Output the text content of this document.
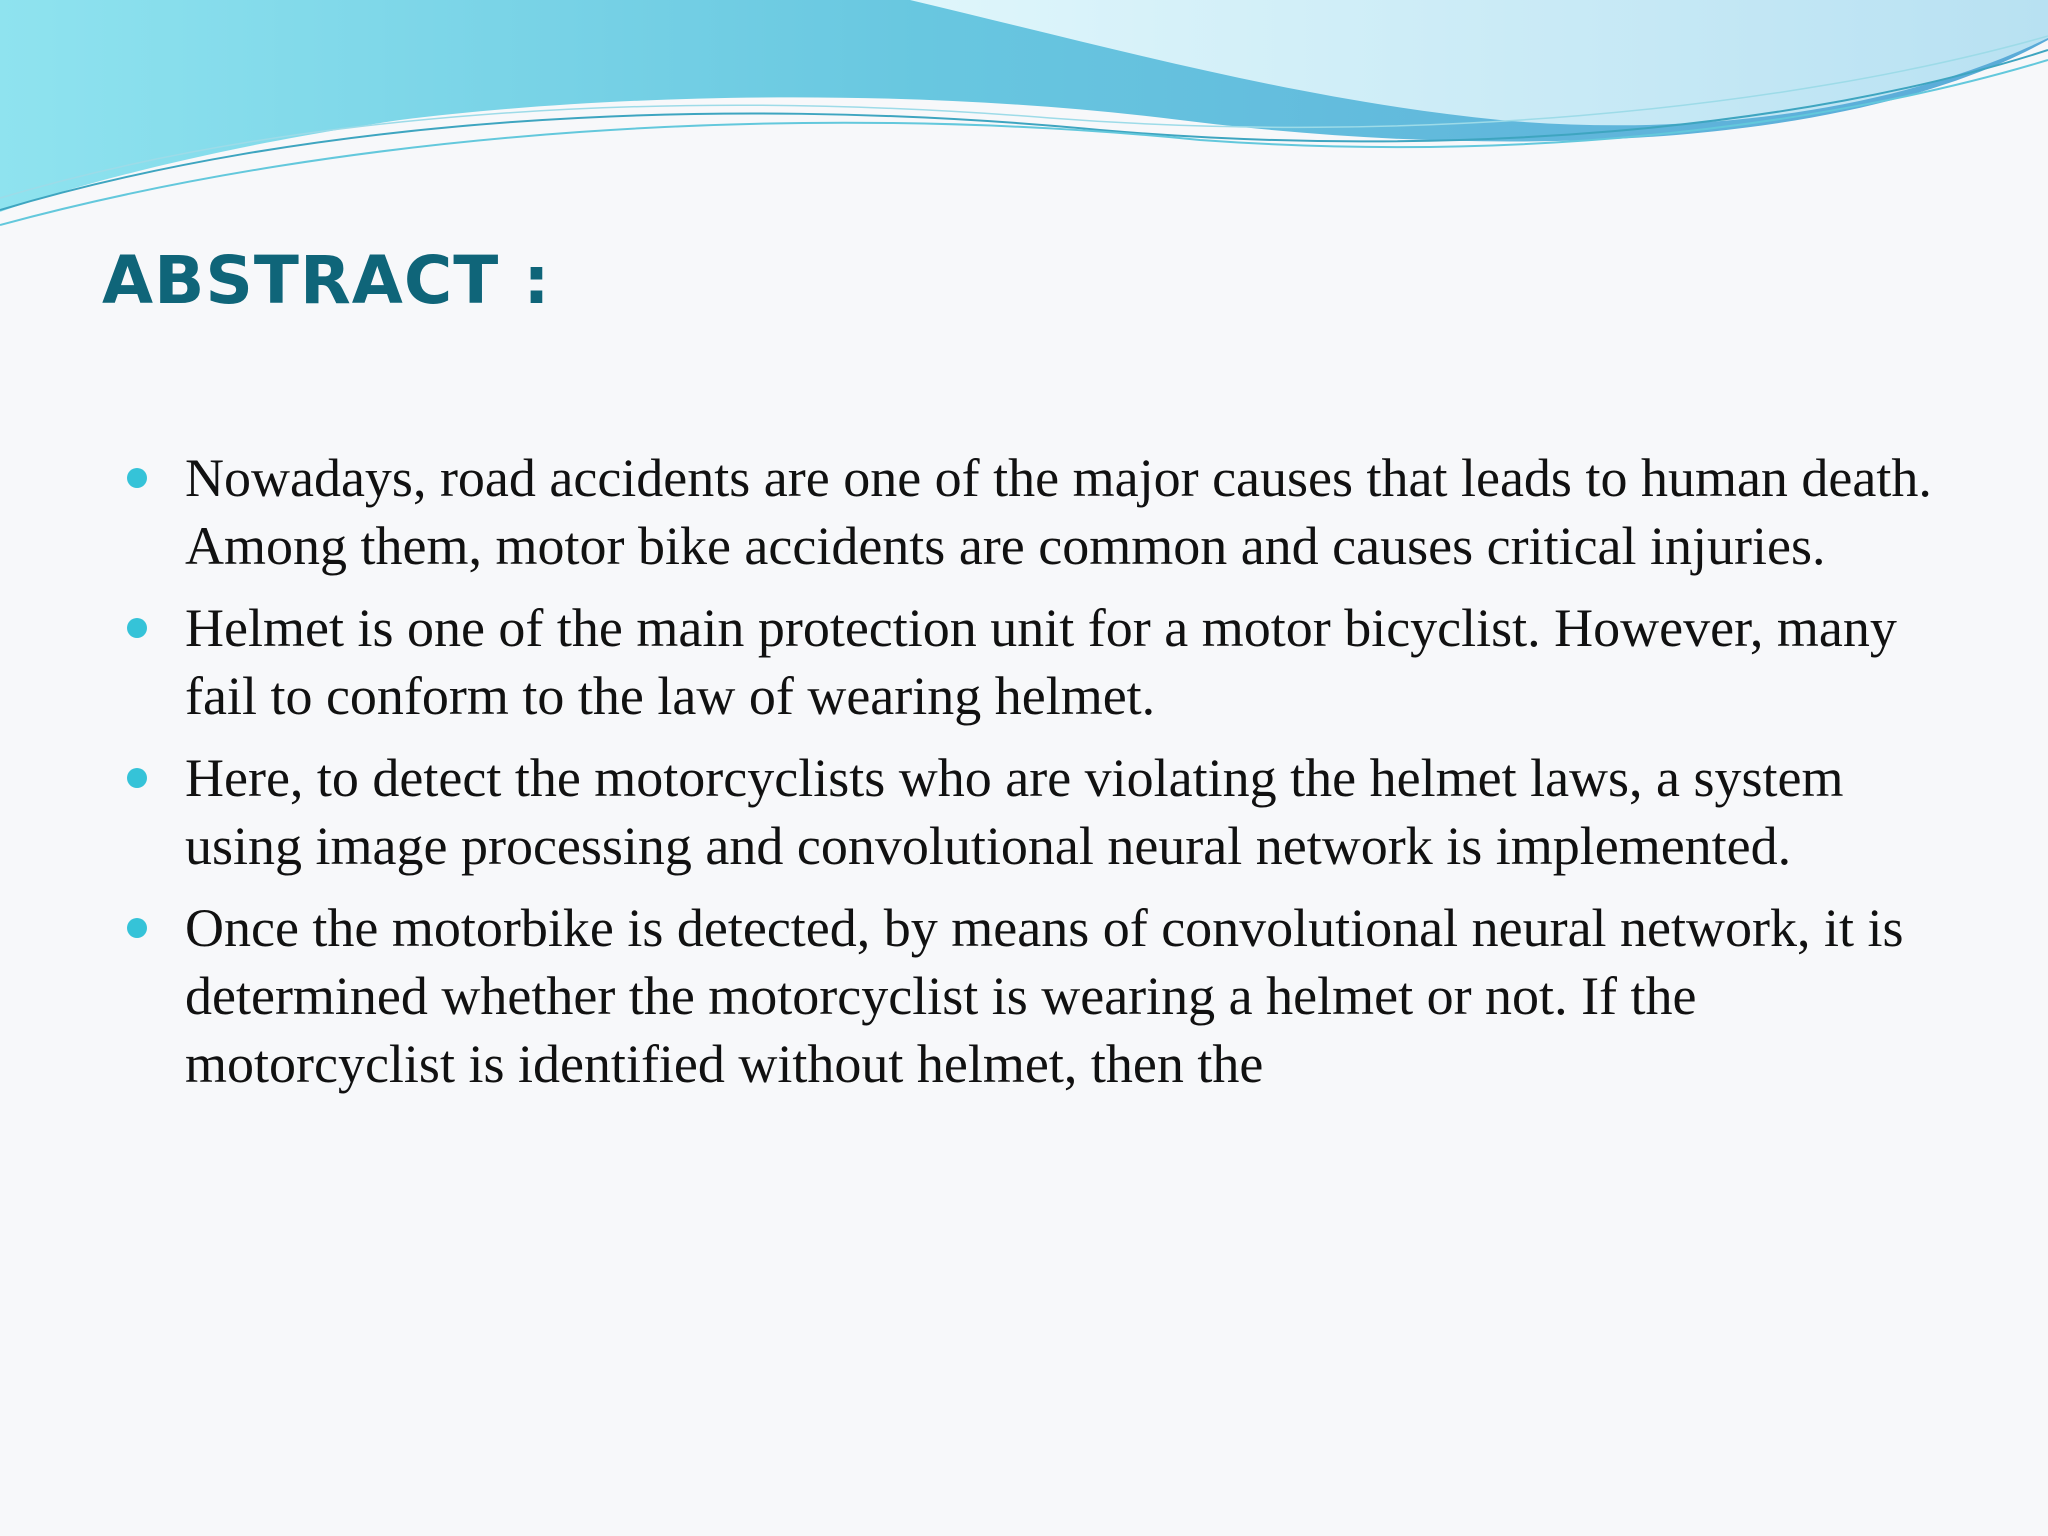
ABSTRACT :
Nowadays, road accidents are one of the major causes that leads to human death. Among them, motor bike accidents are common and causes critical injuries.
Helmet is one of the main protection unit for a motor bicyclist. However, many fail to conform to the law of wearing helmet.
Here, to detect the motorcyclists who are violating the helmet laws, a system using image processing and convolutional neural network is implemented.
Once the motorbike is detected, by means of convolutional neural network, it is determined whether the motorcyclist is wearing a helmet or not. If the motorcyclist is identified without helmet, then the
